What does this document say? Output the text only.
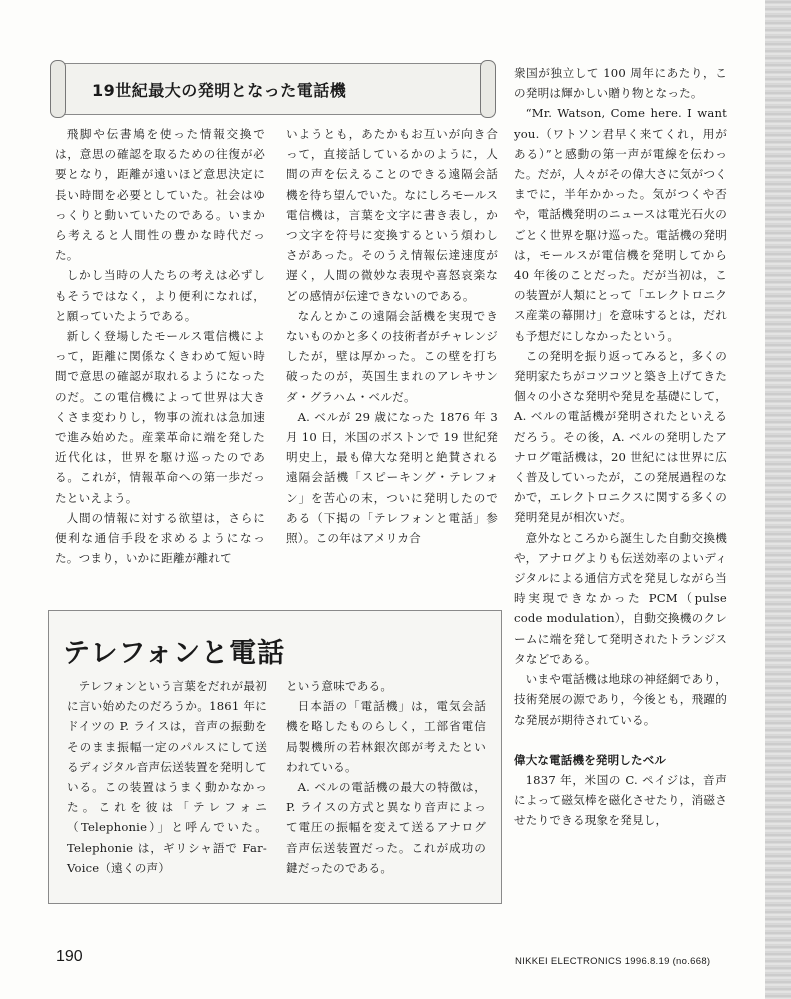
19世紀最大の発明となった電話機

飛脚や伝書鳩を使った情報交換では，意思の確認を取るための往復が必要となり，距離が遠いほど意思決定に長い時間を必要としていた。社会はゆっくりと動いていたのである。いまから考えると人間性の豊かな時代だった。

しかし当時の人たちの考えは必ずしもそうではなく，より便利になれば，と願っていたようである。

新しく登場したモールス電信機によって，距離に関係なくきわめて短い時間で意思の確認が取れるようになったのだ。この電信機によって世界は大きくさま変わりし，物事の流れは急加速で進み始めた。産業革命に端を発した近代化は，世界を駆け巡ったのである。これが，情報革命への第一歩だったといえよう。

人間の情報に対する欲望は，さらに便利な通信手段を求めるようになった。つまり，いかに距離が離れて

いようとも，あたかもお互いが向き合って，直接話しているかのように，人間の声を伝えることのできる遠隔会話機を待ち望んでいた。なにしろモールス電信機は，言葉を文字に書き表し，かつ文字を符号に変換するという煩わしさがあった。そのうえ情報伝達速度が遅く，人間の微妙な表現や喜怒哀楽などの感情が伝達できないのである。

なんとかこの遠隔会話機を実現できないものかと多くの技術者がチャレンジしたが，壁は厚かった。この壁を打ち破ったのが，英国生まれのアレキサンダ・グラハム・ベルだ。

A. ベルが 29 歳になった 1876 年 3 月 10 日，米国のボストンで 19 世紀発明史上，最も偉大な発明と絶賛される遠隔会話機「スピーキング・テレフォン」を苦心の末，ついに発明したのである（下掲の「テレフォンと電話」参照）。この年はアメリカ合

衆国が独立して 100 周年にあたり，この発明は輝かしい贈り物となった。

“Mr. Watson, Come here. I want you.（ワトソン君早く来てくれ，用がある）”と感動の第一声が電線を伝わった。だが，人々がその偉大さに気がつくまでに，半年かかった。気がつくや否や，電話機発明のニュースは電光石火のごとく世界を駆け巡った。電話機の発明は，モールスが電信機を発明してから 40 年後のことだった。だが当初は，この装置が人類にとって「エレクトロニクス産業の幕開け」を意味するとは，だれも予想だにしなかったという。

この発明を振り返ってみると，多くの発明家たちがコツコツと築き上げてきた個々の小さな発明や発見を基礎にして，A. ベルの電話機が発明されたといえるだろう。その後，A. ベルの発明したアナログ電話機は，20 世紀には世界に広く普及していったが，この発展過程のなかで，エレクトロニクスに関する多くの発明発見が相次いだ。

意外なところから誕生した自動交換機や，アナログよりも伝送効率のよいディジタルによる通信方式を発見しながら当時実現できなかった PCM（pulse code modulation），自動交換機のクレームに端を発して発明されたトランジスタなどである。

いまや電話機は地球の神経網であり，技術発展の源であり，今後とも，飛躍的な発展が期待されている。

偉大な電話機を発明したベル

1837 年，米国の C. ペイジは，音声によって磁気棒を磁化させたり，消磁させたりできる現象を発見し，

テレフォンと電話

テレフォンという言葉をだれが最初に言い始めたのだろうか。1861 年にドイツの P. ライスは，音声の振動をそのまま振幅一定のパルスにして送るディジタル音声伝送装置を発明している。この装置はうまく動かなかった。これを彼は「テレフォニ（Telephonie）」と呼んでいた。Telephonie は，ギリシャ語で Far-Voice（遠くの声）

という意味である。

日本語の「電話機」は，電気会話機を略したものらしく，工部省電信局製機所の若林銀次郎が考えたといわれている。

A. ベルの電話機の最大の特徴は，P. ライスの方式と異なり音声によって電圧の振幅を変えて送るアナログ音声伝送装置だった。これが成功の鍵だったのである。

190	NIKKEI ELECTRONICS 1996.8.19 (no.668)
